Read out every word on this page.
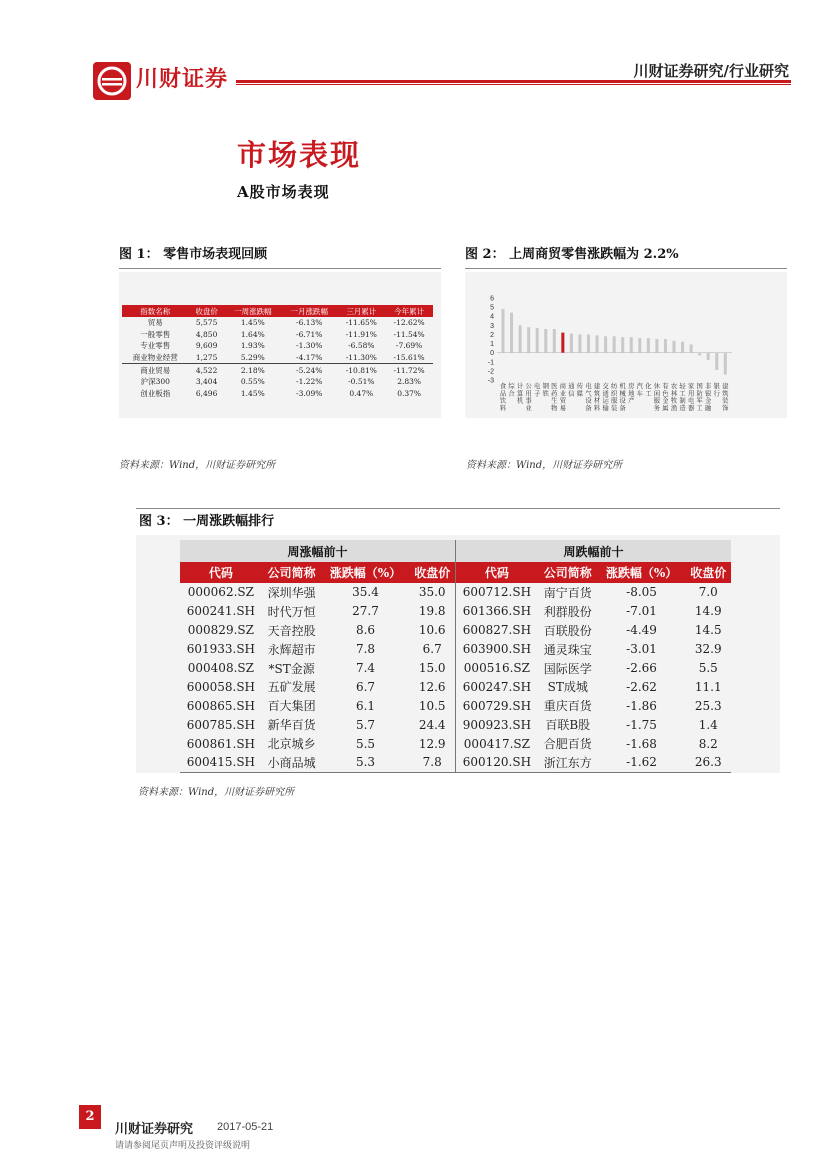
川财证券	川财证券研究/行业研究
市场表现
A股市场表现
图 1： 零售市场表现回顾
指数名称	收盘价	一周涨跌幅	一月涨跌幅	三月累计	今年累计
贸易	5,575	1.45%	-6.13%	-11.65%	-12.62%
一般零售	4,850	1.64%	-6.71%	-11.91%	-11.54%
专业零售	9,609	1.93%	-1.30%	-6.58%	-7.69%
商业物业经营	1,275	5.29%	-4.17%	-11.30%	-15.61%
商业贸易	4,522	2.18%	-5.24%	-10.81%	-11.72%
沪深300	3,404	0.55%	-1.22%	-0.51%	2.83%
创业板指	6,496	1.45%	-3.09%	0.47%	0.37%
资料来源：Wind，川财证券研究所
图 2： 上周商贸零售涨跌幅为 2.2%
6
5
4
3
2
1
0
-1
-2
-3
食品饮料
综合
计算机
公用事业
电子
钢铁
医药生物
商业贸易
通信
传媒
电气设备
建筑材料
交通运输
纺织服装
机械设备
房地产
汽车
化工
休闲服务
有色金属
农林牧渔
轻工制造
家用电器
国防军工
非银金融
银行
建筑装饰
资料来源：Wind，川财证券研究所
图 3： 一周涨跌幅排行
周涨幅前十				周跌幅前十			
代码	公司简称	涨跌幅（%）	收盘价	代码	公司简称	涨跌幅（%）	收盘价
000062.SZ	深圳华强	35.4	35.0	600712.SH	南宁百货	-8.05	7.0
600241.SH	时代万恒	27.7	19.8	601366.SH	利群股份	-7.01	14.9
000829.SZ	天音控股	8.6	10.6	600827.SH	百联股份	-4.49	14.5
601933.SH	永辉超市	7.8	6.7	603900.SH	通灵珠宝	-3.01	32.9
000408.SZ	*ST金源	7.4	15.0	000516.SZ	国际医学	-2.66	5.5
600058.SH	五矿发展	6.7	12.6	600247.SH	ST成城	-2.62	11.1
600865.SH	百大集团	6.1	10.5	600729.SH	重庆百货	-1.86	25.3
600785.SH	新华百货	5.7	24.4	900923.SH	百联B股	-1.75	1.4
600861.SH	北京城乡	5.5	12.9	000417.SZ	合肥百货	-1.68	8.2
600415.SH	小商品城	5.3	7.8	600120.SH	浙江东方	-1.62	26.3
资料来源：Wind，川财证券研究所
2
川财证券研究 2017-05-21
请请参阅尾页声明及投资评级说明
